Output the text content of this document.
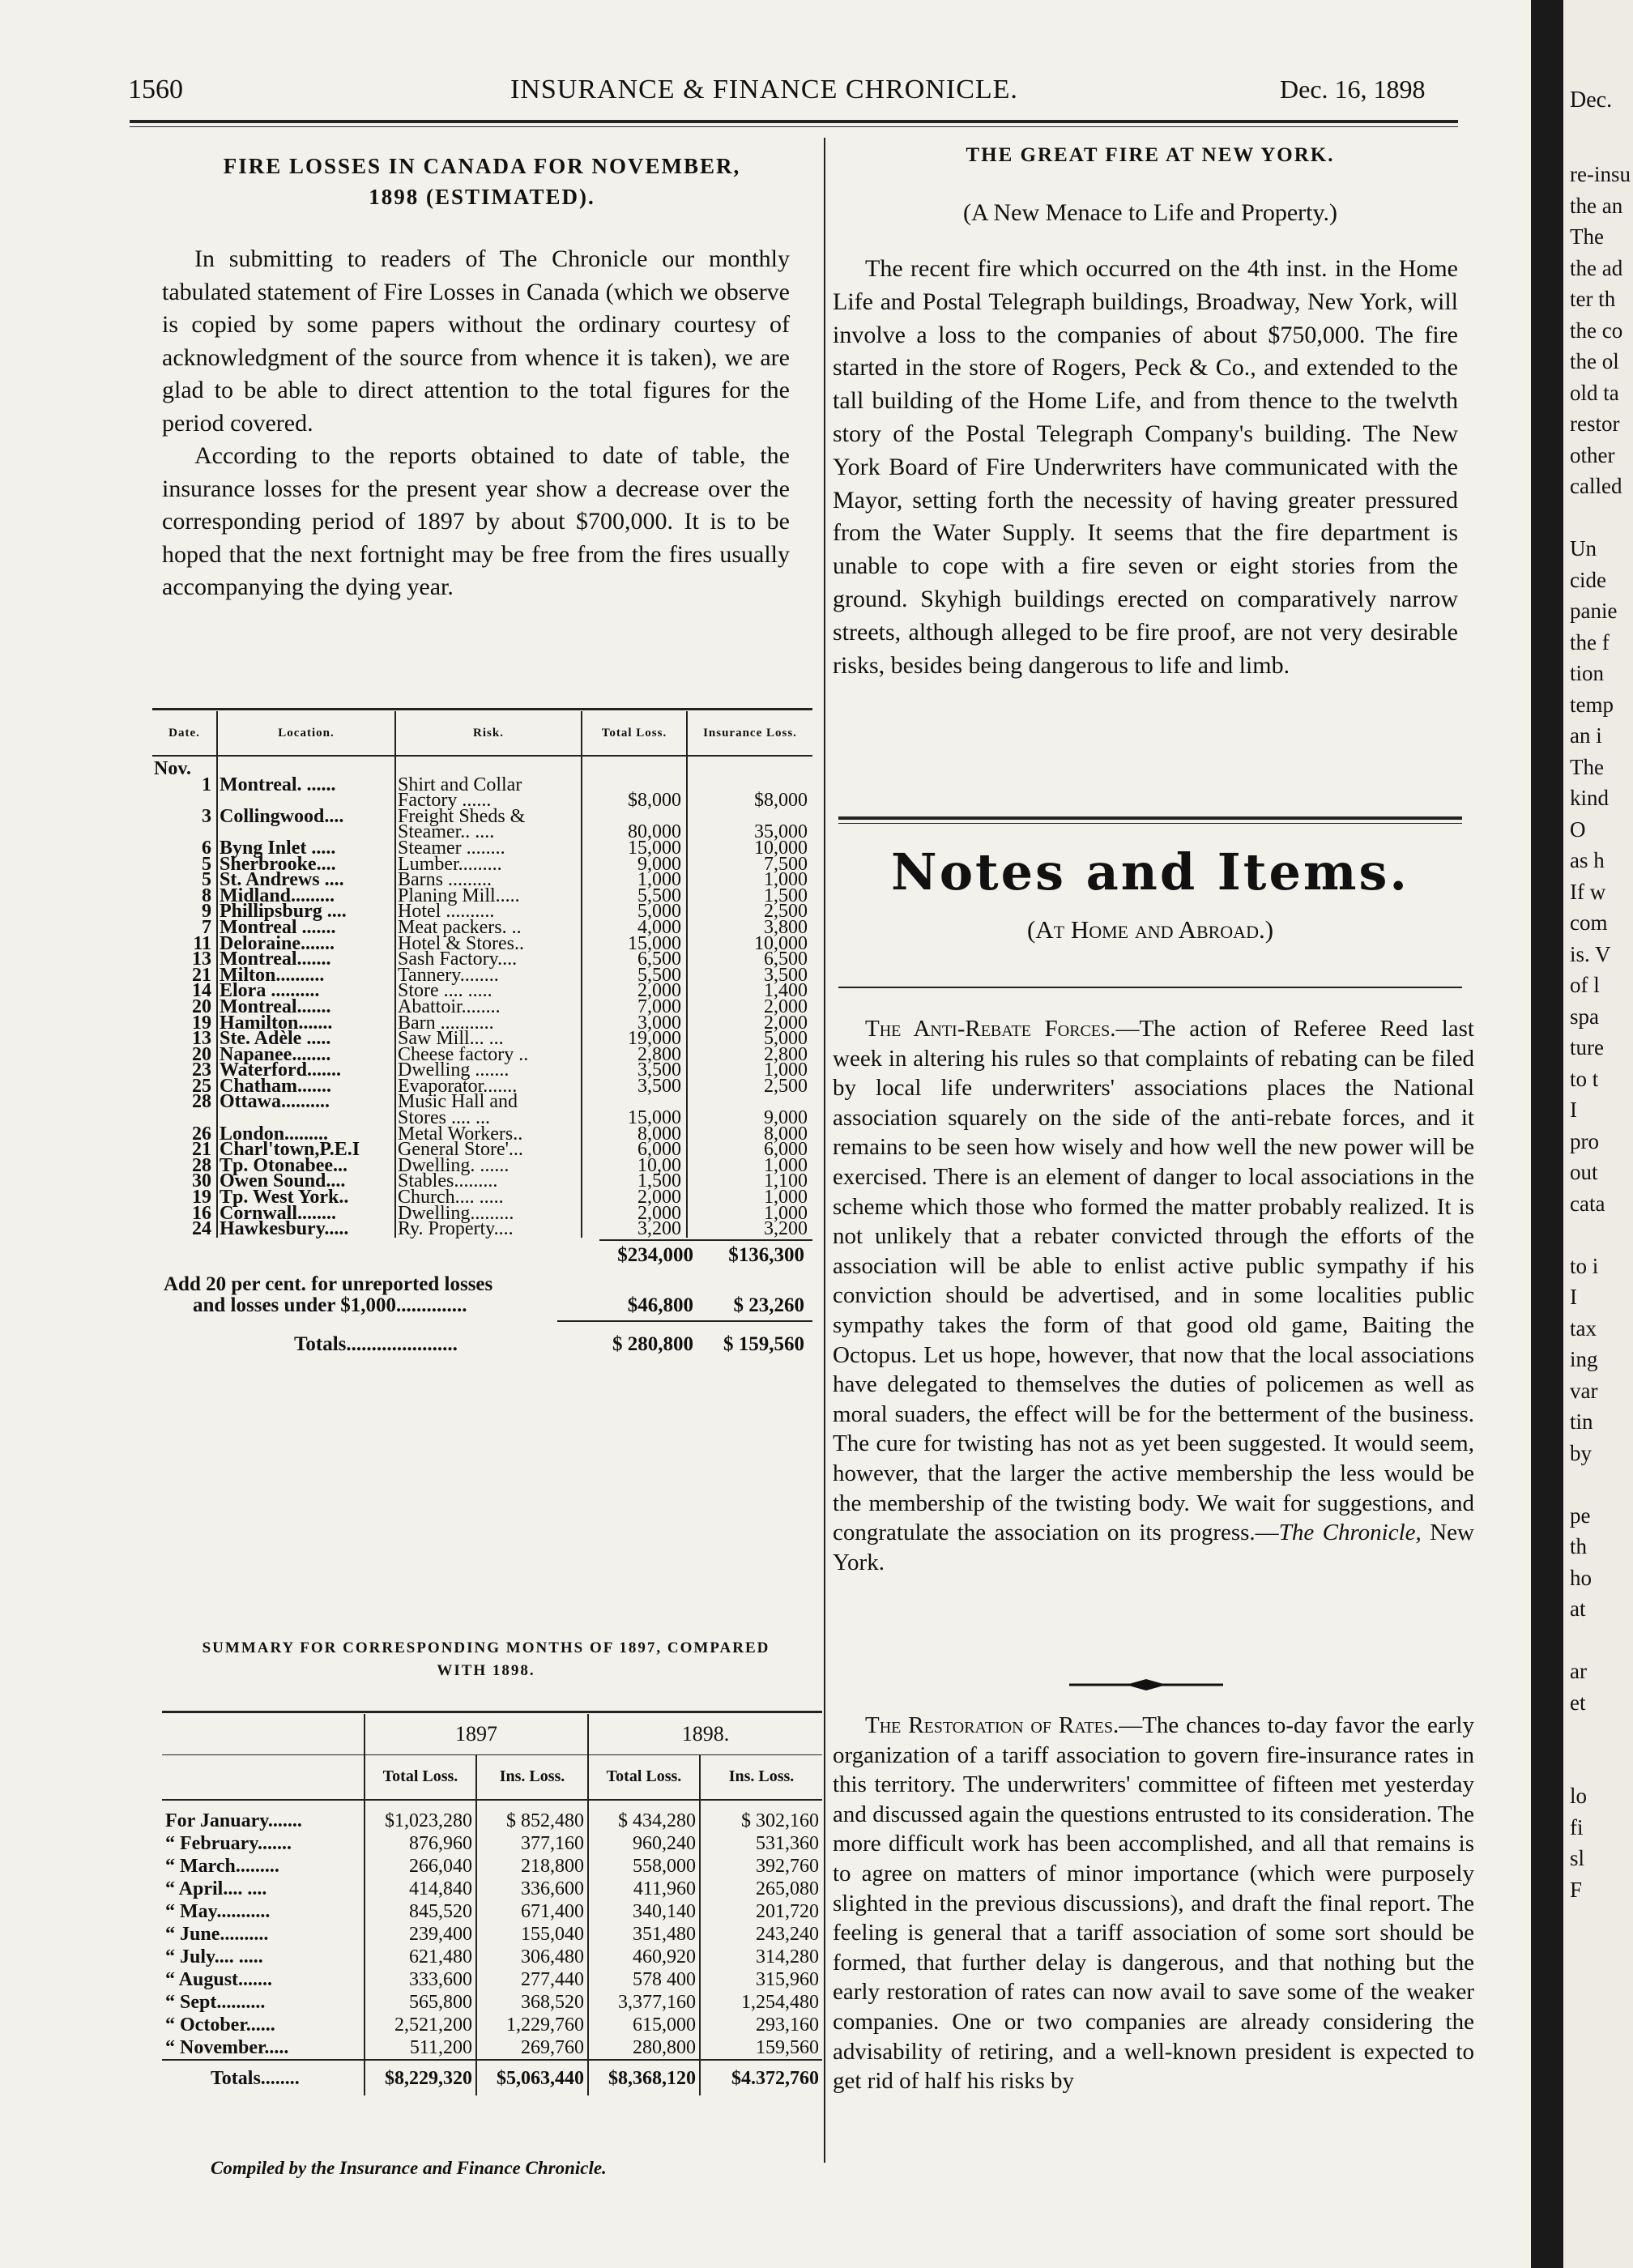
1560	INSURANCE & FINANCE CHRONICLE.	Dec. 16, 1898
FIRE LOSSES IN CANADA FOR NOVEMBER,
1898 (ESTIMATED).

In submitting to readers of The Chronicle our monthly tabulated statement of Fire Losses in Canada (which we observe is copied by some papers without the ordinary courtesy of acknowledgment of the source from whence it is taken), we are glad to be able to direct attention to the total figures for the period covered.

According to the reports obtained to date of table, the insurance losses for the present year show a decrease over the corresponding period of 1897 by about $700,000. It is to be hoped that the next fortnight may be free from the fires usually accompanying the dying year.

Date.	Location.	Risk.	Total Loss.	Insurance Loss.
Nov.				
1	Montreal. ......	Shirt and Collar		
		Factory ......	$8,000	$8,000
3	Collingwood....	Freight Sheds &		
		Steamer.. ....	80,000	35,000
6	Byng Inlet .....	Steamer ........	15,000	10,000
5	Sherbrooke....	Lumber.........	9,000	7,500
5	St. Andrews ....	Barns .........	1,000	1,000
8	Midland.........	Planing Mill.....	5,500	1,500
9	Phillipsburg ....	Hotel ..........	5,000	2,500
7	Montreal .......	Meat packers. ..	4,000	3,800
11	Deloraine.......	Hotel & Stores..	15,000	10,000
13	Montreal.......	Sash Factory....	6,500	6,500
21	Milton..........	Tannery........	5,500	3,500
14	Elora ..........	Store .... .....	2,000	1,400
20	Montreal.......	Abattoir........	7,000	2,000
19	Hamilton.......	Barn ...........	3,000	2,000
13	Ste. Adèle .....	Saw Mill... ...	19,000	5,000
20	Napanee........	Cheese factory ..	2,800	2,800
23	Waterford.......	Dwelling .......	3,500	1,000
25	Chatham.......	Evaporator.......	3,500	2,500
28	Ottawa..........	Music Hall and		
		Stores .... ...	15,000	9,000
26	London.........	Metal Workers..	8,000	8,000
21	Charl'town,P.E.I	General Store'...	6,000	6,000
28	Tp. Otonabee...	Dwelling. ......	10,00	1,000
30	Owen Sound....	Stables.........	1,500	1,100
19	Tp. West York..	Church.... .....	2,000	1,000
16	Cornwall........	Dwelling.........	2,000	1,000
24	Hawkesbury.....	Ry. Property....	3,200	3,200
$234,000	$136,300
Add 20 per cent. for unreported losses
and losses under $1,000..............	$46,800	$ 23,260
Totals......................	$ 280,800	$ 159,560
SUMMARY FOR CORRESPONDING MONTHS OF 1897, COMPARED
WITH 1898.
	1897		1898.	
	Total Loss.	Ins. Loss.	Total Loss.	Ins. Loss.

For January.......	$1,023,280	$ 852,480	$ 434,280	$ 302,160
“ February.......	876,960	377,160	960,240	531,360
“ March.........	266,040	218,800	558,000	392,760
“ April.... ....	414,840	336,600	411,960	265,080
“ May...........	845,520	671,400	340,140	201,720
“ June..........	239,400	155,040	351,480	243,240
“ July.... .....	621,480	306,480	460,920	314,280
“ August.......	333,600	277,440	578 400	315,960
“ Sept..........	565,800	368,520	3,377,160	1,254,480
“ October......	2,521,200	1,229,760	615,000	293,160
“ November.....	511,200	269,760	280,800	159,560
Totals........	$8,229,320	$5,063,440	$8,368,120	$4.372,760
Compiled by the Insurance and Finance Chronicle.
THE GREAT FIRE AT NEW YORK.
(A New Menace to Life and Property.)

The recent fire which occurred on the 4th inst. in the Home Life and Postal Telegraph buildings, Broadway, New York, will involve a loss to the companies of about $750,000. The fire started in the store of Rogers, Peck & Co., and extended to the tall building of the Home Life, and from thence to the twelvth story of the Postal Telegraph Company's building. The New York Board of Fire Underwriters have communicated with the Mayor, setting forth the necessity of having greater pressured from the Water Supply. It seems that the fire department is unable to cope with a fire seven or eight stories from the ground. Skyhigh buildings erected on comparatively narrow streets, although alleged to be fire proof, are not very desirable risks, besides being dangerous to life and limb.

Notes and Items.
(At Home and Abroad.)

The Anti-Rebate Forces.—The action of Referee Reed last week in altering his rules so that complaints of rebating can be filed by local life underwriters' associations places the National association squarely on the side of the anti-rebate forces, and it remains to be seen how wisely and how well the new power will be exercised. There is an element of danger to local associations in the scheme which those who formed the matter probably realized. It is not unlikely that a rebater convicted through the efforts of the association will be able to enlist active public sympathy if his conviction should be advertised, and in some localities public sympathy takes the form of that good old game, Baiting the Octopus. Let us hope, however, that now that the local associations have delegated to themselves the duties of policemen as well as moral suaders, the effect will be for the betterment of the business. The cure for twisting has not as yet been suggested. It would seem, however, that the larger the active membership the less would be the membership of the twisting body. We wait for suggestions, and congratulate the association on its progress.—The Chronicle, New York.

The Restoration of Rates.—The chances to-day favor the early organization of a tariff association to govern fire-insurance rates in this territory. The underwriters' committee of fifteen met yesterday and discussed again the questions entrusted to its consideration. The more difficult work has been accomplished, and all that remains is to agree on matters of minor importance (which were purposely slighted in the previous discussions), and draft the final report. The feeling is general that a tariff association of some sort should be formed, that further delay is dangerous, and that nothing but the early restoration of rates can now avail to save some of the weaker companies. One or two companies are already considering the advisability of retiring, and a well-known president is expected to get rid of half his risks by

Dec.
re-insu
the an
The
the ad
ter th
the co
the ol
old ta
restor
other
called
Un
cide
panie
the f
tion
temp
an i
The
kind
O
as h
If w
com
is. V
of l
spa
ture
to t
I
pro
out
cata
to i
I
tax
ing
var
tin
by
pe
th
ho
at
ar
et
lo
fi
sl
F
